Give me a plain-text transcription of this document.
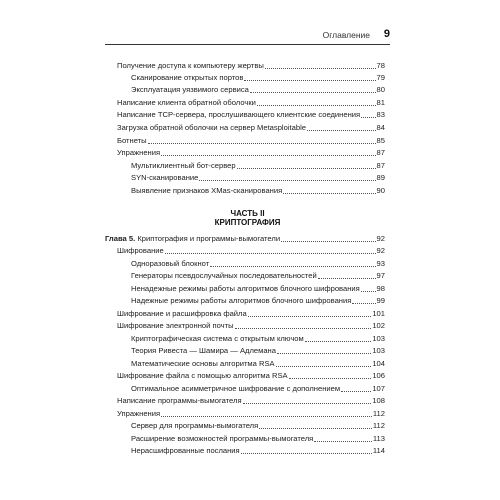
Оглавление 9
Получение доступа к компьютеру жертвы	78
Сканирование открытых портов	79
Эксплуатация уязвимого сервиса	80
Написание клиента обратной оболочки	81
Написание TCP-сервера, прослушивающего клиентские соединения 83
Загрузка обратной оболочки на сервер Metasploitable	84
Ботнеты	85
Упражнения	87
Мультиклиентный бот-сервер	87
SYN-сканирование	89
Выявление признаков XMas-сканирования	90
ЧАСТЬ II
КРИПТОГРАФИЯ
Глава 5. Криптография и программы-вымогатели	92
Шифрование	92
Одноразовый блокнот	93
Генераторы псевдослучайных последовательностей	97
Ненадежные режимы работы алгоритмов блочного шифрования 98
Надежные режимы работы алгоритмов блочного шифрования	99
Шифрование и расшифровка файла	101
Шифрование электронной почты	102
Криптографическая система с открытым ключом	103
Теория Ривеста — Шамира — Адлемана	103
Математические основы алгоритма RSA	104
Шифрование файла с помощью алгоритма RSA	106
Оптимальное асимметричное шифрование с дополнением	107
Написание программы-вымогателя	108
Упражнения	112
Сервер для программы-вымогателя	112
Расширение возможностей программы-вымогателя	113
Нерасшифрованные послания	114
